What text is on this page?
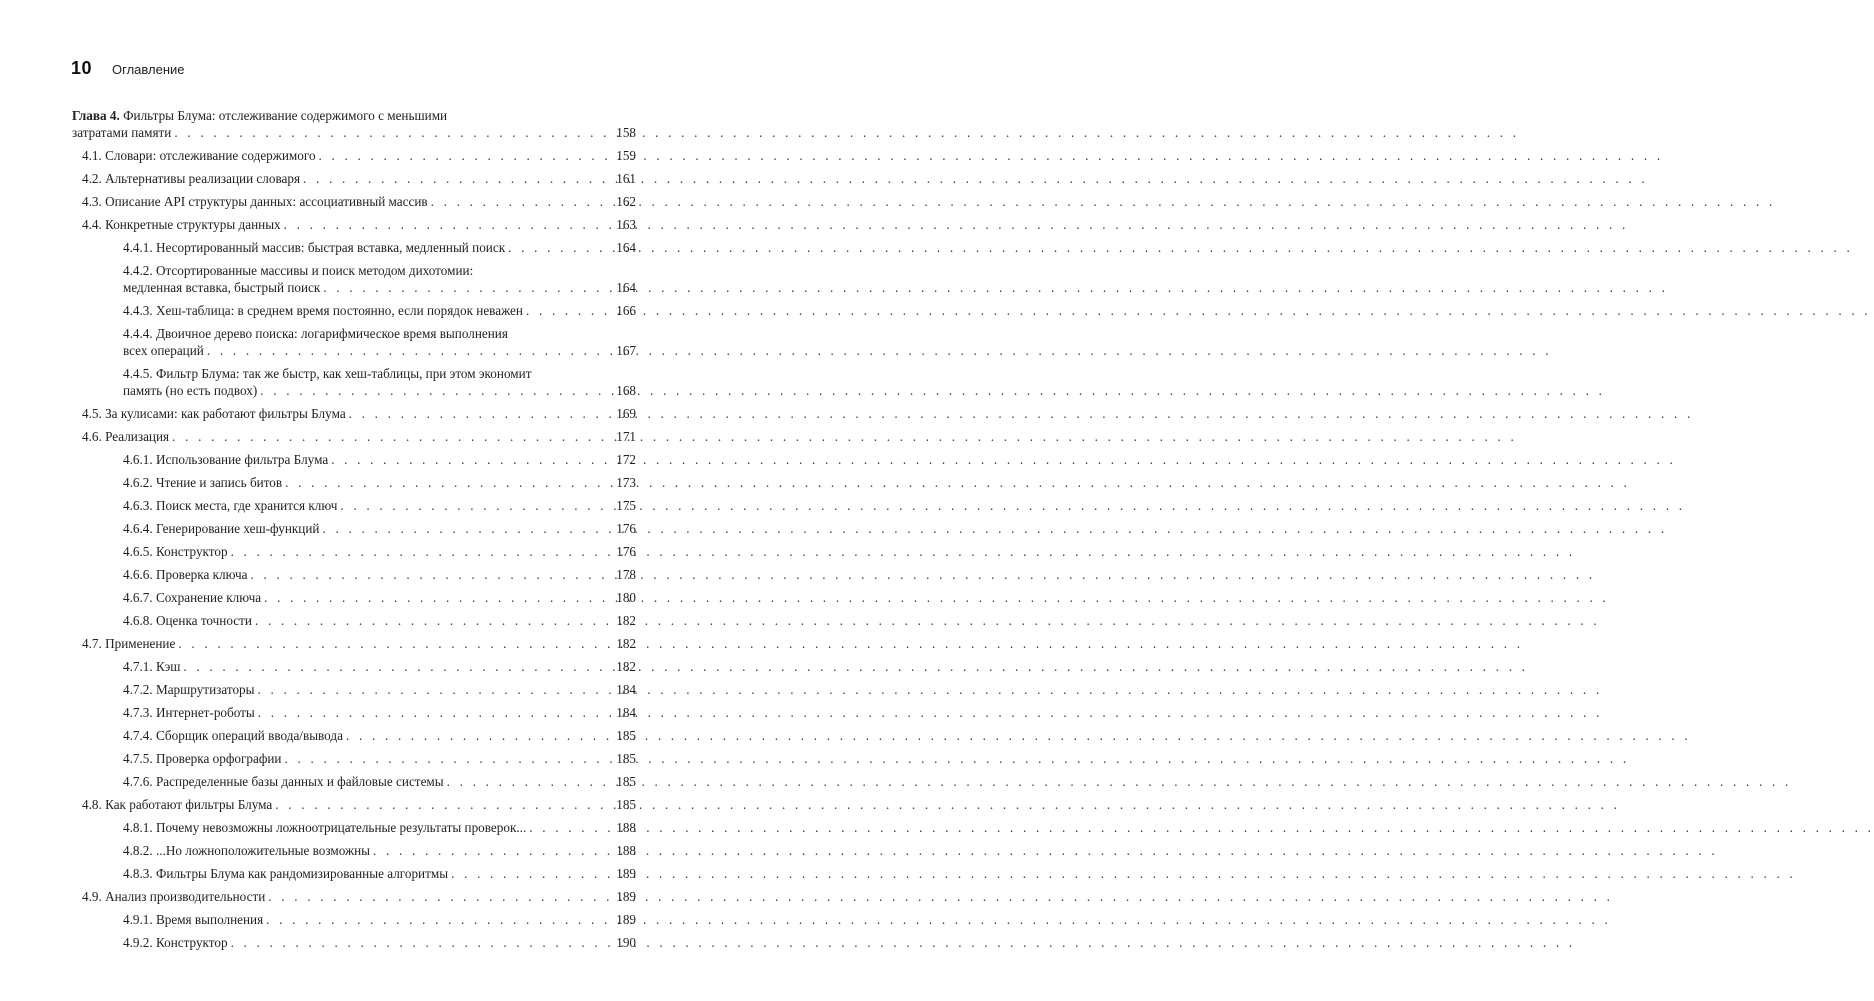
10 Оглавление
Глава 4. Фильтры Блума: отслеживание содержимого с меньшими
затратами памяти . . .	158
4.1. Словари: отслеживание содержимого . . .	159
4.2. Альтернативы реализации словаря . . .	161
4.3. Описание API структуры данных: ассоциативный массив . . .	162
4.4. Конкретные структуры данных . . .	163
4.4.1. Несортированный массив: быстрая вставка, медленный поиск . . .	164
4.4.2. Отсортированные массивы и поиск методом дихотомии:
медленная вставка, быстрый поиск . . .	164
4.4.3. Хеш-таблица: в среднем время постоянно, если порядок неважен . . .	166
4.4.4. Двоичное дерево поиска: логарифмическое время выполнения
всех операций . . .	167
4.4.5. Фильтр Блума: так же быстр, как хеш-таблицы, при этом экономит
память (но есть подвох) . . .	168
4.5. За кулисами: как работают фильтры Блума . . .	169
4.6. Реализация . . .	171
4.6.1. Использование фильтра Блума . . .	172
4.6.2. Чтение и запись битов . . .	173
4.6.3. Поиск места, где хранится ключ . . .	175
4.6.4. Генерирование хеш-функций . . .	176
4.6.5. Конструктор . . .	176
4.6.6. Проверка ключа . . .	178
4.6.7. Сохранение ключа . . .	180
4.6.8. Оценка точности . . .	182
4.7. Применение . . .	182
4.7.1. Кэш . . .	182
4.7.2. Маршрутизаторы . . .	184
4.7.3. Интернет-роботы . . .	184
4.7.4. Сборщик операций ввода/вывода . . .	185
4.7.5. Проверка орфографии . . .	185
4.7.6. Распределенные базы данных и файловые системы . . .	185
4.8. Как работают фильтры Блума . . .	185
4.8.1. Почему невозможны ложноотрицательные результаты проверок... . . .	188
4.8.2. ...Но ложноположительные возможны . . .	188
4.8.3. Фильтры Блума как рандомизированные алгоритмы . . .	189
4.9. Анализ производительности . . .	189
4.9.1. Время выполнения . . .	189
4.9.2. Конструктор . . .	190
